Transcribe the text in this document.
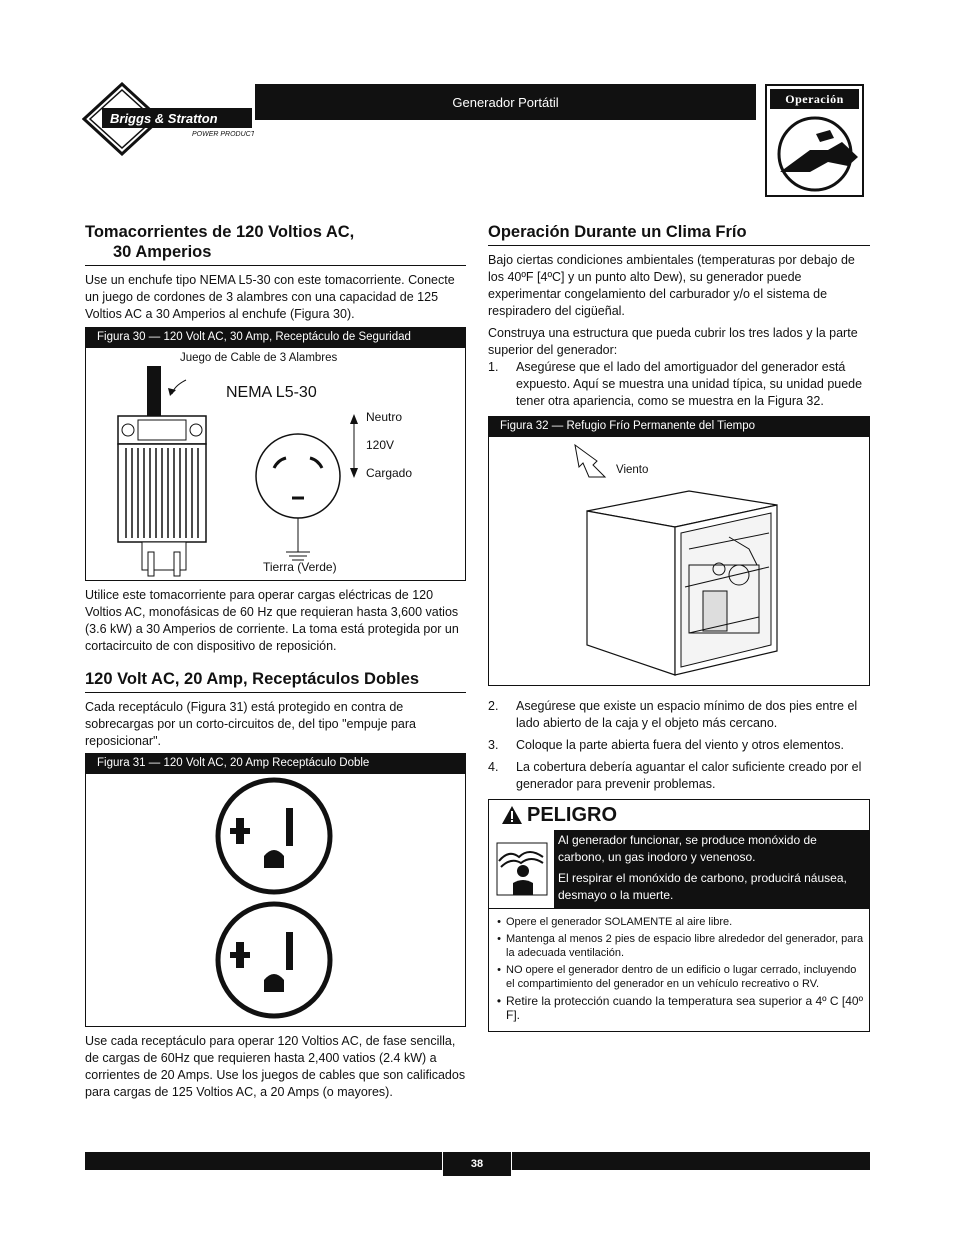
Briggs & Stratton
POWER PRODUCTS
Generador Portátil	Operación
Tomacorrientes de 120 Voltios AC,
30 Amperios

Use un enchufe tipo NEMA L5-30 con este tomacorriente. Conecte un juego de cordones de 3 alambres con una capacidad de 125 Voltios AC a 30 Amperios al enchufe (Figura 30).

Figura 30 — 120 Volt AC, 30 Amp, Receptáculo de Seguridad
Juego de Cable de 3 Alambres
NEMA L5-30
Neutro
120V
Cargado
Tierra (Verde)

Utilice este tomacorriente para operar cargas eléctricas de 120 Voltios AC, monofásicas de 60 Hz que requieran hasta 3,600 vatios (3.6 kW) a 30 Amperios de corriente. La toma está protegida por un cortacircuito de con dispositivo de reposición.

120 Volt AC, 20 Amp, Receptáculos Dobles

Cada receptáculo (Figura 31) está protegido en contra de sobrecargas por un corto-circuitos de, del tipo "empuje para reposicionar".

Figura 31 — 120 Volt AC, 20 Amp Receptáculo Doble

Use cada receptáculo para operar 120 Voltios AC, de fase sencilla, de cargas de 60Hz que requieren hasta 2,400 vatios (2.4 kW) a corrientes de 20 Amps. Use los juegos de cables que son calificados para cargas de 125 Voltios AC, a 20 Amps (o mayores).

Operación Durante un Clima Frío

Bajo ciertas condiciones ambientales (temperaturas por debajo de los 40ºF [4ºC] y un punto alto Dew), su generador puede experimentar congelamiento del carburador y/o el sistema de respiradero del cigüeñal.

Construya una estructura que pueda cubrir los tres lados y la parte superior del generador:

1.	Asegúrese que el lado del amortiguador del generador está expuesto. Aquí se muestra una unidad típica, su unidad puede tener otra apariencia, como se muestra en la Figura 32.
Figura 32 — Refugio Frío Permanente del Tiempo
Viento
2.	Asegúrese que existe un espacio mínimo de dos pies entre el lado abierto de la caja y el objeto más cercano.
3.	Coloque la parte abierta fuera del viento y otros elementos.
4.	La cobertura debería aguantar el calor suficiente creado por el generador para prevenir problemas.
PELIGRO

Al generador funcionar, se produce monóxido de carbono, un gas inodoro y venenoso.

El respirar el monóxido de carbono, producirá náusea, desmayo o la muerte.

• Opere el generador SOLAMENTE al aire libre.
• Mantenga al menos 2 pies de espacio libre alrededor del generador, para la adecuada ventilación.
• NO opere el generador dentro de un edificio o lugar cerrado, incluyendo el compartimiento del generador en un vehículo recreativo o RV.
• Retire la protección cuando la temperatura sea superior a 4º C [40º F].
38
